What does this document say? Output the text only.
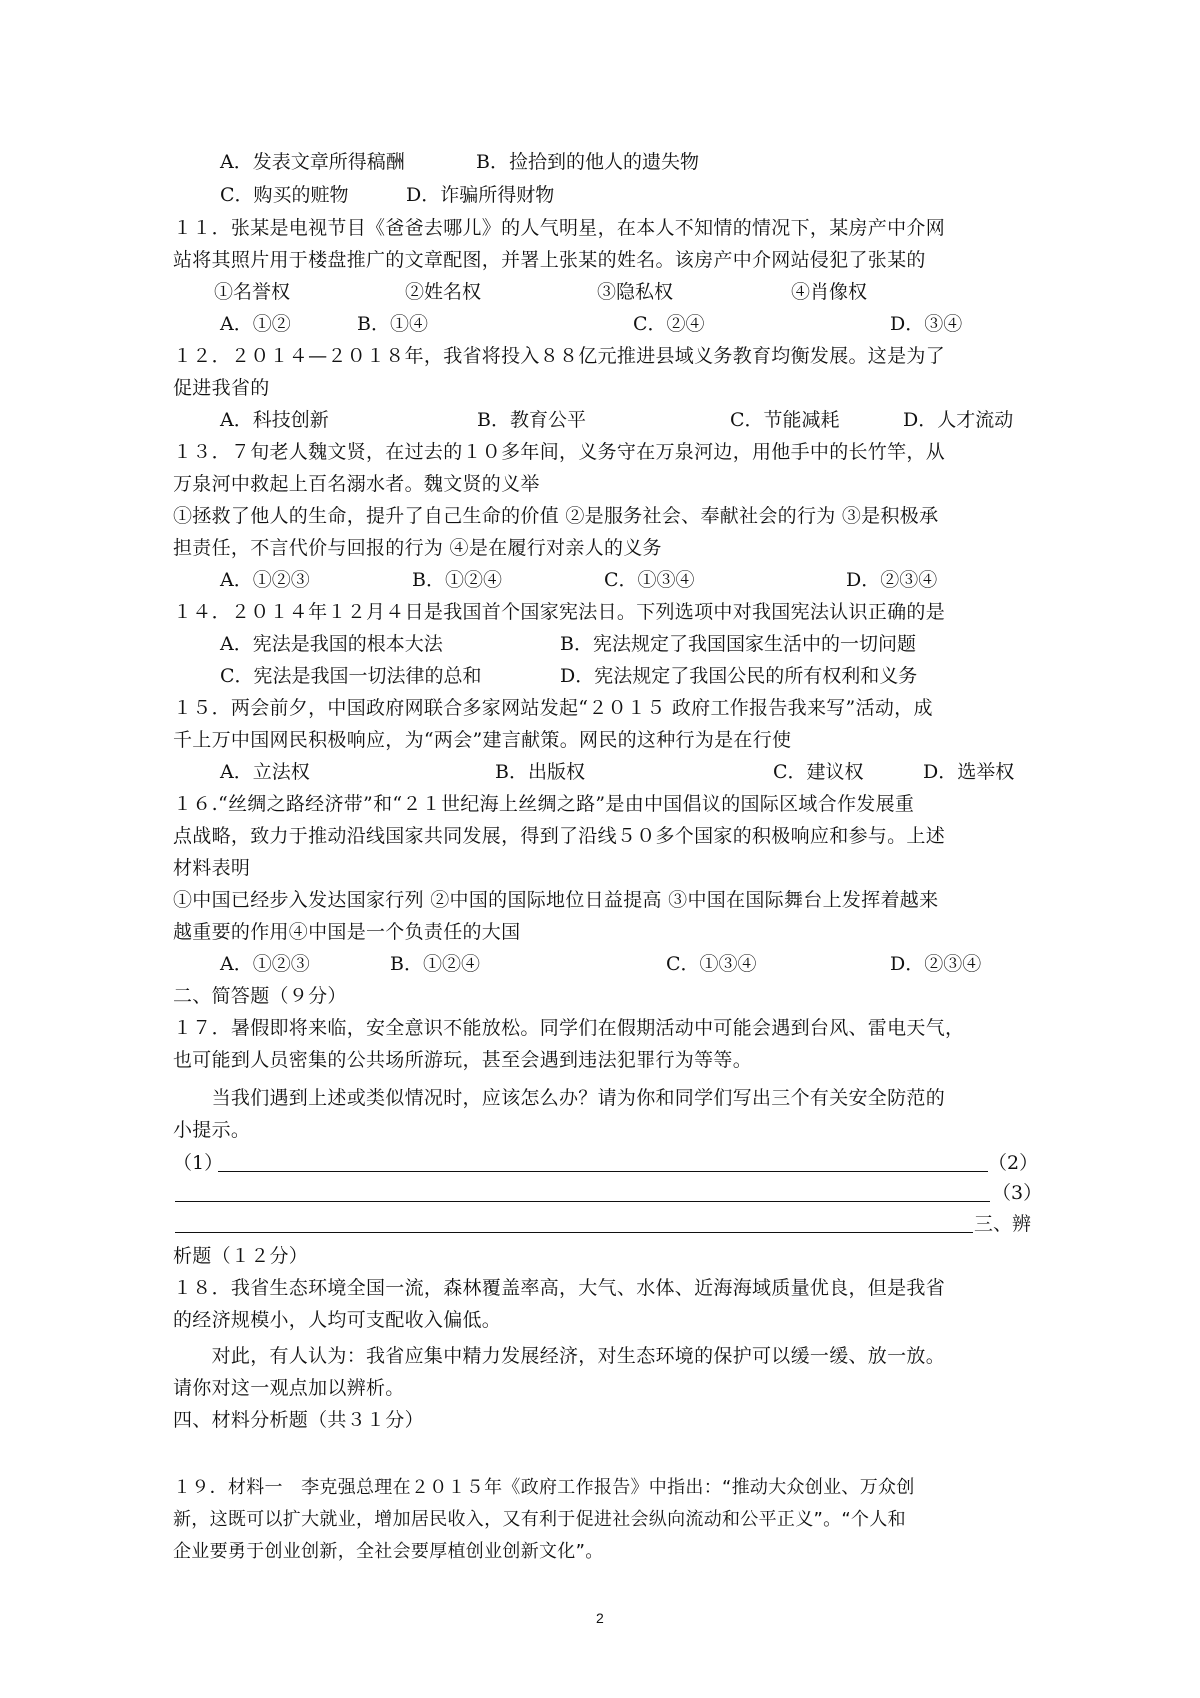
A．发表文章所得稿酬	B．捡拾到的他人的遗失物
C．购买的赃物	D．诈骗所得财物
１１．张某是电视节目《爸爸去哪儿》的人气明星，在本人不知情的情况下，某房产中介网
站将其照片用于楼盘推广的文章配图，并署上张某的姓名。该房产中介网站侵犯了张某的
①名誉权	②姓名权	③隐私权	④肖像权
A．①②	B．①④	C．②④	D．③④
１２．２０１４—２０１８年，我省将投入８８亿元推进县域义务教育均衡发展。这是为了
促进我省的
A．科技创新	B．教育公平	C．节能减耗	D．人才流动
１３．７旬老人魏文贤，在过去的１０多年间，义务守在万泉河边，用他手中的长竹竿，从
万泉河中救起上百名溺水者。魏文贤的义举
①拯救了他人的生命，提升了自己生命的价值 ②是服务社会、奉献社会的行为 ③是积极承
担责任，不言代价与回报的行为 ④是在履行对亲人的义务
A．①②③	B．①②④	C．①③④	D．②③④
１４．２０１４年１２月４日是我国首个国家宪法日。下列选项中对我国宪法认识正确的是
A．宪法是我国的根本大法	B．宪法规定了我国国家生活中的一切问题
C．宪法是我国一切法律的总和	D．宪法规定了我国公民的所有权利和义务
１５．两会前夕，中国政府网联合多家网站发起“２０１５ 政府工作报告我来写”活动，成
千上万中国网民积极响应，为“两会”建言献策。网民的这种行为是在行使
A．立法权	B．出版权	C．建议权	D．选举权
１６.“丝绸之路经济带”和“２１世纪海上丝绸之路”是由中国倡议的国际区域合作发展重
点战略，致力于推动沿线国家共同发展，得到了沿线５０多个国家的积极响应和参与。上述
材料表明
①中国已经步入发达国家行列 ②中国的国际地位日益提高 ③中国在国际舞台上发挥着越来
越重要的作用④中国是一个负责任的大国
A．①②③	B．①②④	C．①③④	D．②③④
二、简答题（９分）
１７．暑假即将来临，安全意识不能放松。同学们在假期活动中可能会遇到台风、雷电天气，
也可能到人员密集的公共场所游玩，甚至会遇到违法犯罪行为等等。
　　当我们遇到上述或类似情况时，应该怎么办？请为你和同学们写出三个有关安全防范的
小提示。
（1）	（2）
（3）
三、辨
析题（１２分）
１８．我省生态环境全国一流，森林覆盖率高，大气、水体、近海海域质量优良，但是我省
的经济规模小，人均可支配收入偏低。
　　对此，有人认为：我省应集中精力发展经济，对生态环境的保护可以缓一缓、放一放。
请你对这一观点加以辨析。
四、材料分析题（共３１分）
１９．材料一　李克强总理在２０１５年《政府工作报告》中指出：“推动大众创业、万众创
新，这既可以扩大就业，增加居民收入，又有利于促进社会纵向流动和公平正义”。“个人和
企业要勇于创业创新，全社会要厚植创业创新文化”。
2
